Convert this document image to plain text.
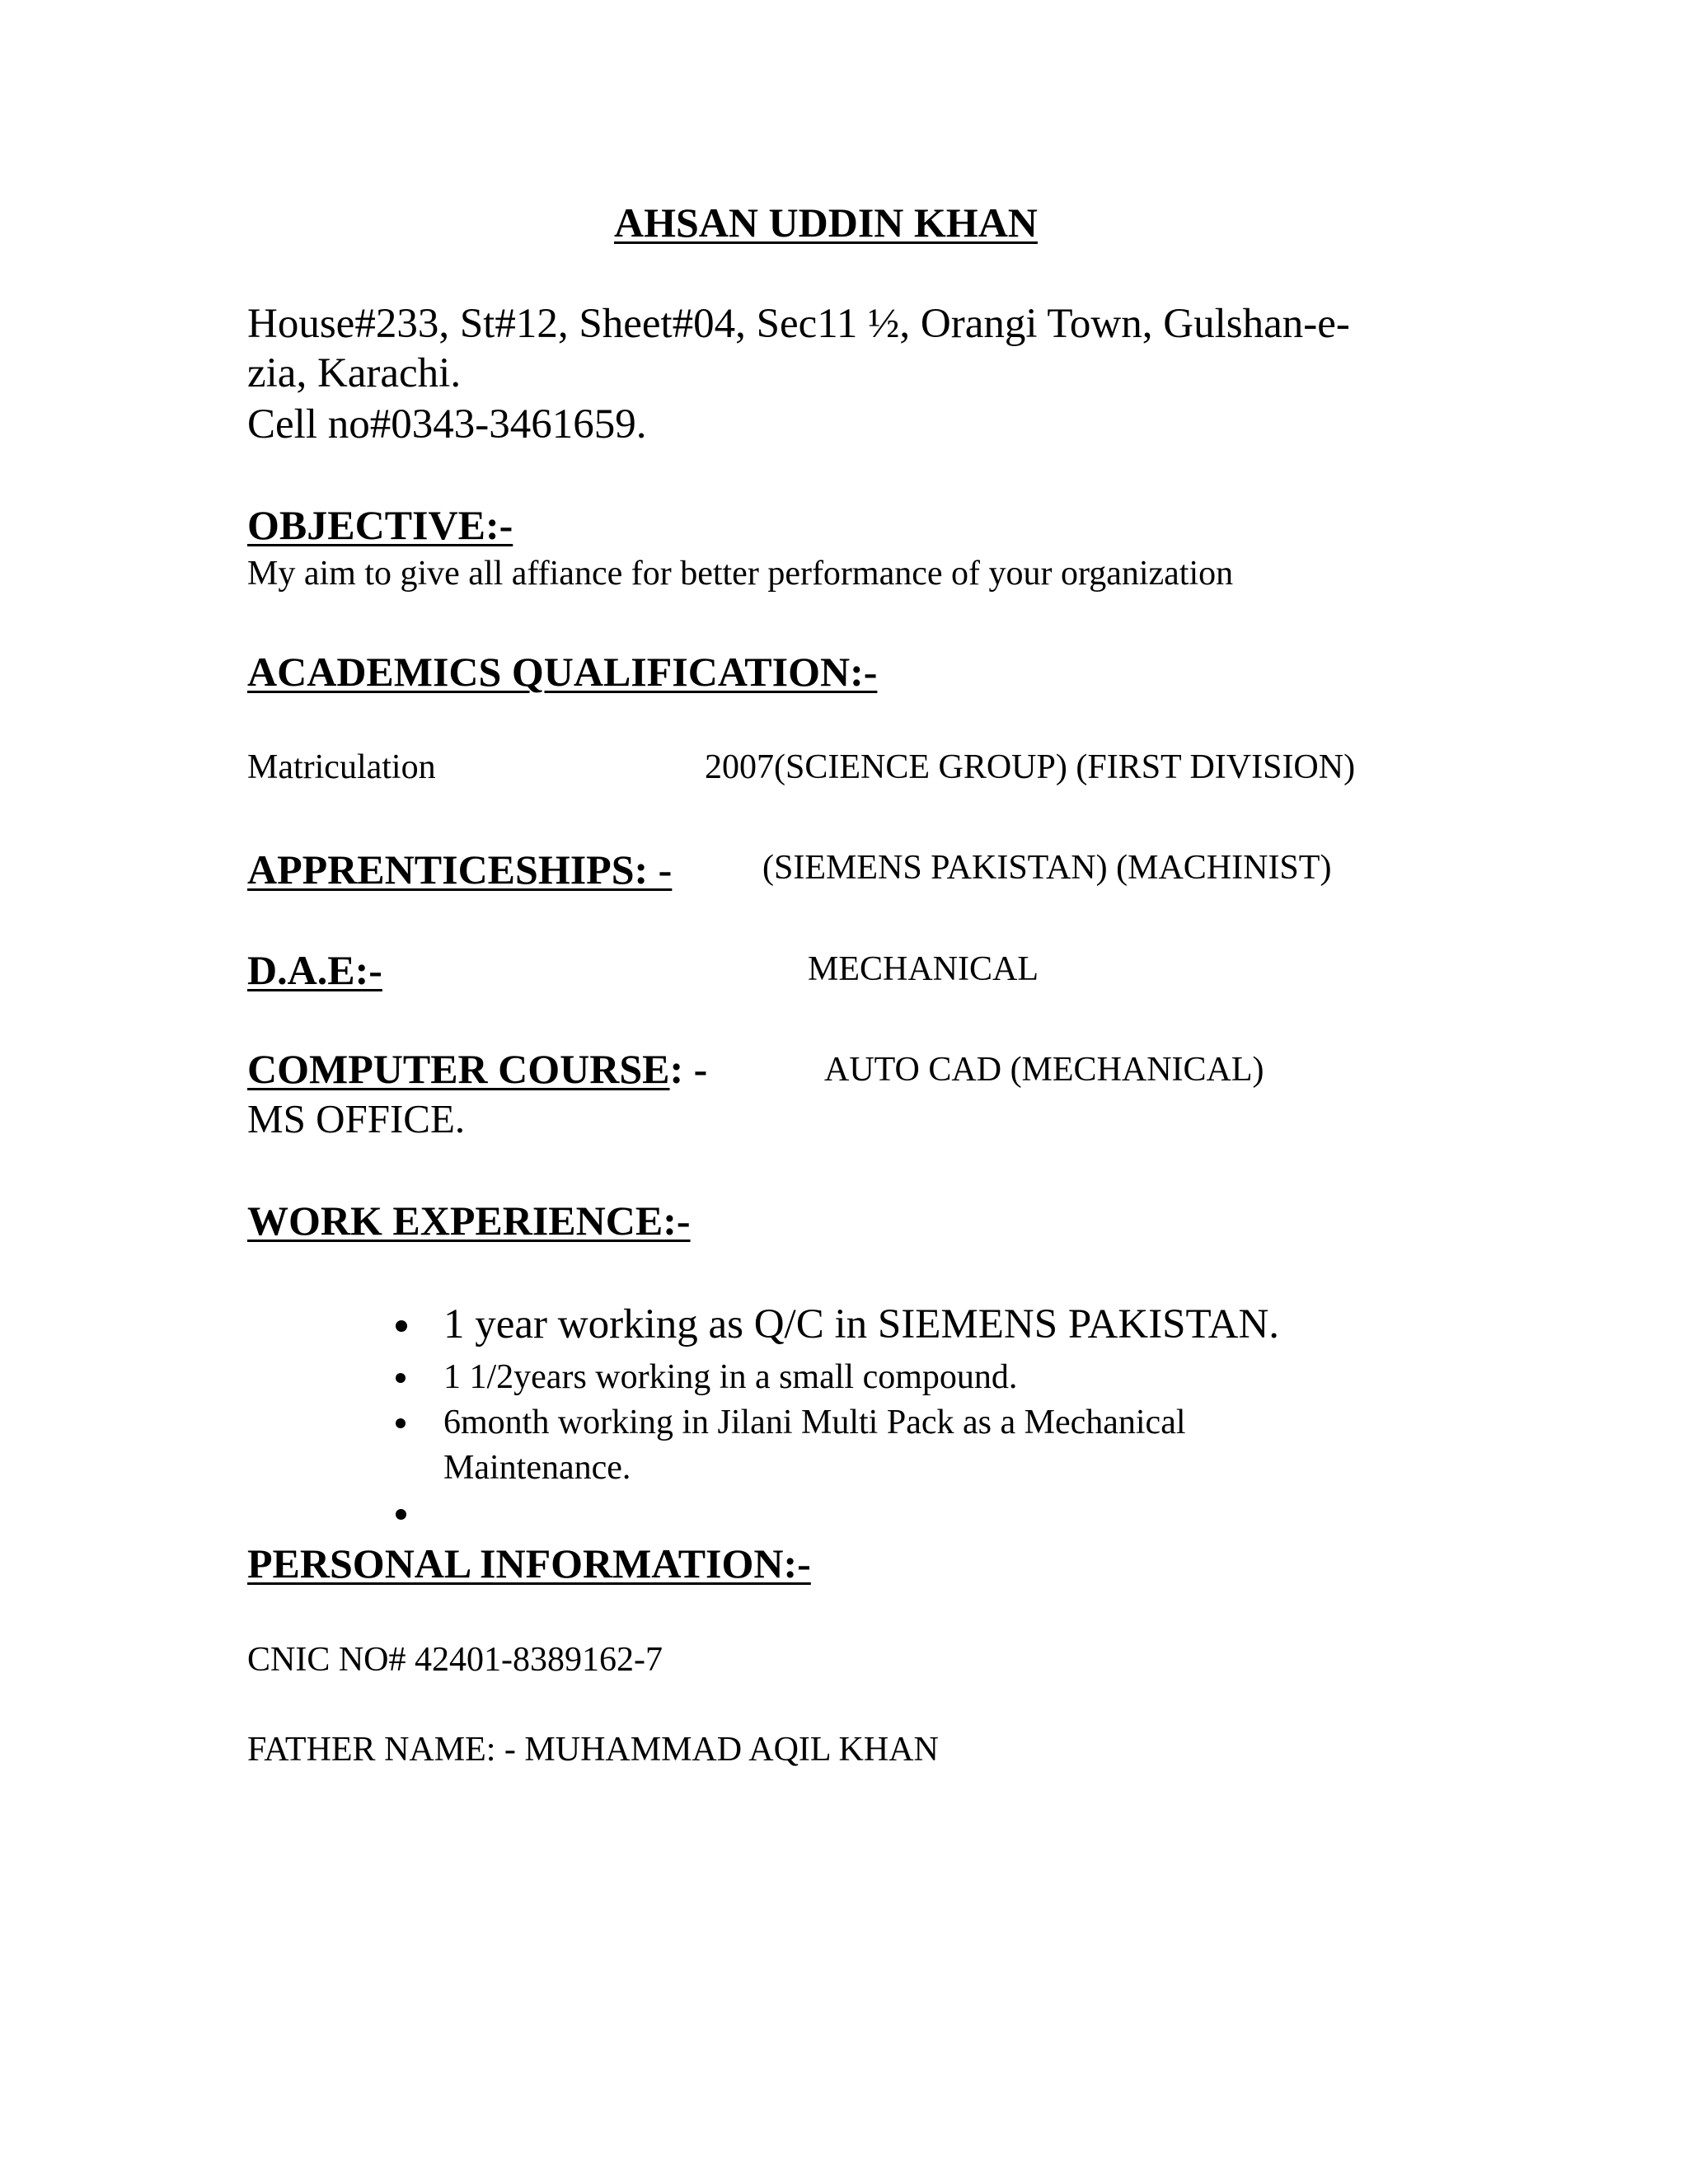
AHSAN UDDIN KHAN
House#233, St#12, Sheet#04, Sec11 ½, Orangi Town, Gulshan-e-
zia, Karachi.
Cell no#0343-3461659.
OBJECTIVE:-
My aim to give all affiance for better performance of your organization
ACADEMICS QUALIFICATION:-
Matriculation	2007(SCIENCE GROUP) (FIRST DIVISION)
APPRENTICESHIPS: -	(SIEMENS PAKISTAN) (MACHINIST)
D.A.E:-	MECHANICAL
COMPUTER COURSE: -	AUTO CAD (MECHANICAL)
MS OFFICE.
WORK EXPERIENCE:-
1 year working as Q/C in SIEMENS PAKISTAN.
1 1/2years working in a small compound.
6month working in Jilani Multi Pack as a Mechanical
Maintenance.
PERSONAL INFORMATION:-
CNIC NO# 42401-8389162-7
FATHER NAME: - MUHAMMAD AQIL KHAN
